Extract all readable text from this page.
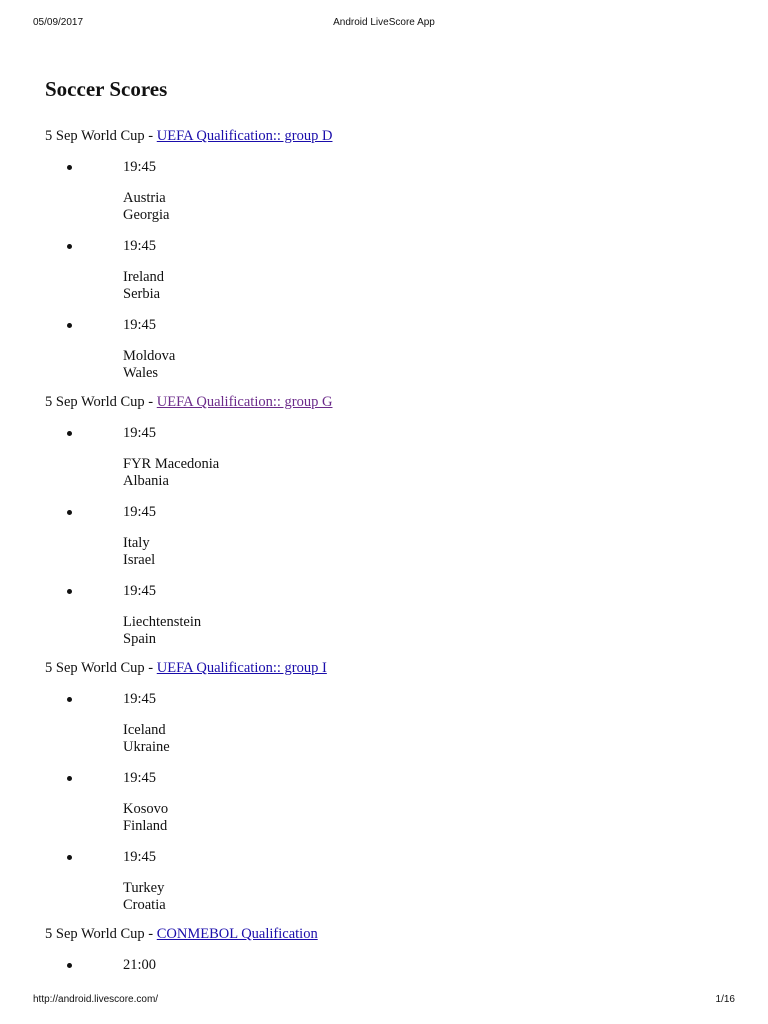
05/09/2017	Android LiveScore App
Soccer Scores
5 Sep World Cup - UEFA Qualification:: group D
19:45
Austria
Georgia
19:45
Ireland
Serbia
19:45
Moldova
Wales
5 Sep World Cup - UEFA Qualification:: group G
19:45
FYR Macedonia
Albania
19:45
Italy
Israel
19:45
Liechtenstein
Spain
5 Sep World Cup - UEFA Qualification:: group I
19:45
Iceland
Ukraine
19:45
Kosovo
Finland
19:45
Turkey
Croatia
5 Sep World Cup - CONMEBOL Qualification
21:00
http://android.livescore.com/	1/16
